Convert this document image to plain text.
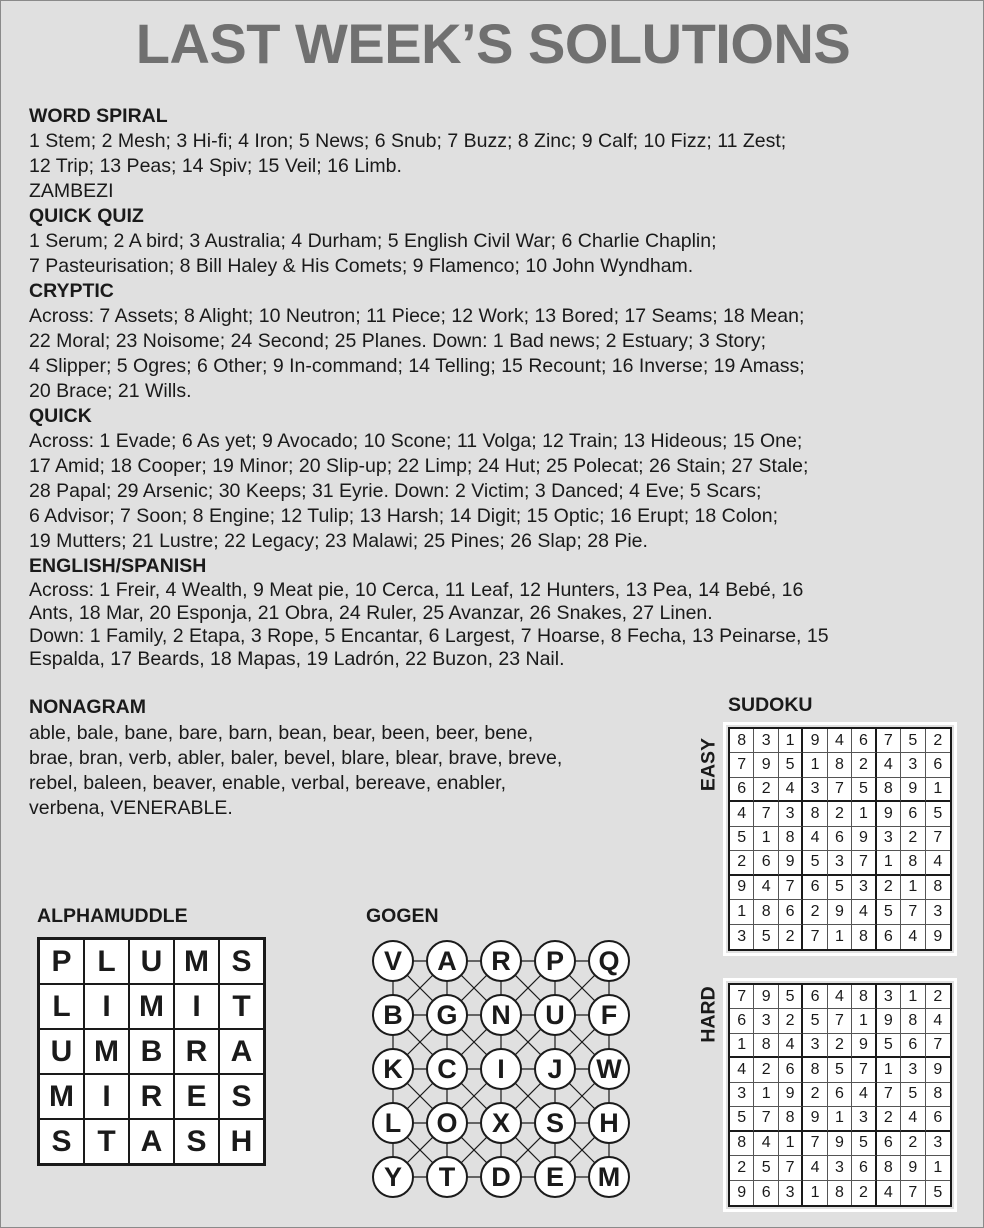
LAST WEEK’S SOLUTIONS
WORD SPIRAL

1 Stem; 2 Mesh; 3 Hi-fi; 4 Iron; 5 News; 6 Snub; 7 Buzz; 8 Zinc; 9 Calf; 10 Fizz; 11 Zest;

12 Trip; 13 Peas; 14 Spiv; 15 Veil; 16 Limb.

ZAMBEZI

QUICK QUIZ

1 Serum; 2 A bird; 3 Australia; 4 Durham; 5 English Civil War; 6 Charlie Chaplin;

7 Pasteurisation; 8 Bill Haley & His Comets; 9 Flamenco; 10 John Wyndham.

CRYPTIC

Across: 7 Assets; 8 Alight; 10 Neutron; 11 Piece; 12 Work; 13 Bored; 17 Seams; 18 Mean;

22 Moral; 23 Noisome; 24 Second; 25 Planes. Down: 1 Bad news; 2 Estuary; 3 Story;

4 Slipper; 5 Ogres; 6 Other; 9 In-command; 14 Telling; 15 Recount; 16 Inverse; 19 Amass;

20 Brace; 21 Wills.

QUICK

Across: 1 Evade; 6 As yet; 9 Avocado; 10 Scone; 11 Volga; 12 Train; 13 Hideous; 15 One;

17 Amid; 18 Cooper; 19 Minor; 20 Slip-up; 22 Limp; 24 Hut; 25 Polecat; 26 Stain; 27 Stale;

28 Papal; 29 Arsenic; 30 Keeps; 31 Eyrie. Down: 2 Victim; 3 Danced; 4 Eve; 5 Scars;

6 Advisor; 7 Soon; 8 Engine; 12 Tulip; 13 Harsh; 14 Digit; 15 Optic; 16 Erupt; 18 Colon;

19 Mutters; 21 Lustre; 22 Legacy; 23 Malawi; 25 Pines; 26 Slap; 28 Pie.

ENGLISH/SPANISH

Across: 1 Freir, 4 Wealth, 9 Meat pie, 10 Cerca, 11 Leaf, 12 Hunters, 13 Pea, 14 Bebé, 16

Ants, 18 Mar, 20 Esponja, 21 Obra, 24 Ruler, 25 Avanzar, 26 Snakes, 27 Linen.

Down: 1 Family, 2 Etapa, 3 Rope, 5 Encantar, 6 Largest, 7 Hoarse, 8 Fecha, 13 Peinarse, 15

Espalda, 17 Beards, 18 Mapas, 19 Ladrón, 22 Buzon, 23 Nail.

NONAGRAM
able, bale, bane, bare, barn, bean, bear, been, beer, bene,
brae, bran, verb, abler, baler, bevel, blare, blear, brave, breve,
rebel, baleen, beaver, enable, verbal, bereave, enabler,
verbena, VENERABLE.
ALPHAMUDDLE
P L U M S
L	I M I	T
U M B R A
M I R E S
S T A S H
GOGEN
V	A	R	P	Q
B	G	N	U	F
K	C	I	J	W
L	O	X	S	H
Y	T	D	E	M
SUDOKU
EASY	8 3 1	9 4 6	7 5	2
7 9 5	1 8 2	4 3	6
6 2 4	3 7 5	8 9	1
4 7 3	8 2 1	9 6	5
5 1 8	4 6 9	3 2	7
2 6 9	5 3 7	1 8	4
9 4 7	6 5 3	2 1	8
1 8 6	2 9 4	5 7	3
3 5 2	7 1 8	6 4	9
HARD	7 9 5	6 4 8	3 1	2
6 3 2	5 7 1	9 8	4
1 8 4	3 2 9	5 6	7
4 2 6	8 5 7	1 3	9
3 1 9	2 6 4	7 5	8
5 7 8	9 1 3	2 4	6
8 4 1	7 9 5	6 2	3
2 5 7	4 3 6	8 9	1
9 6 3	1 8 2	4 7	5
